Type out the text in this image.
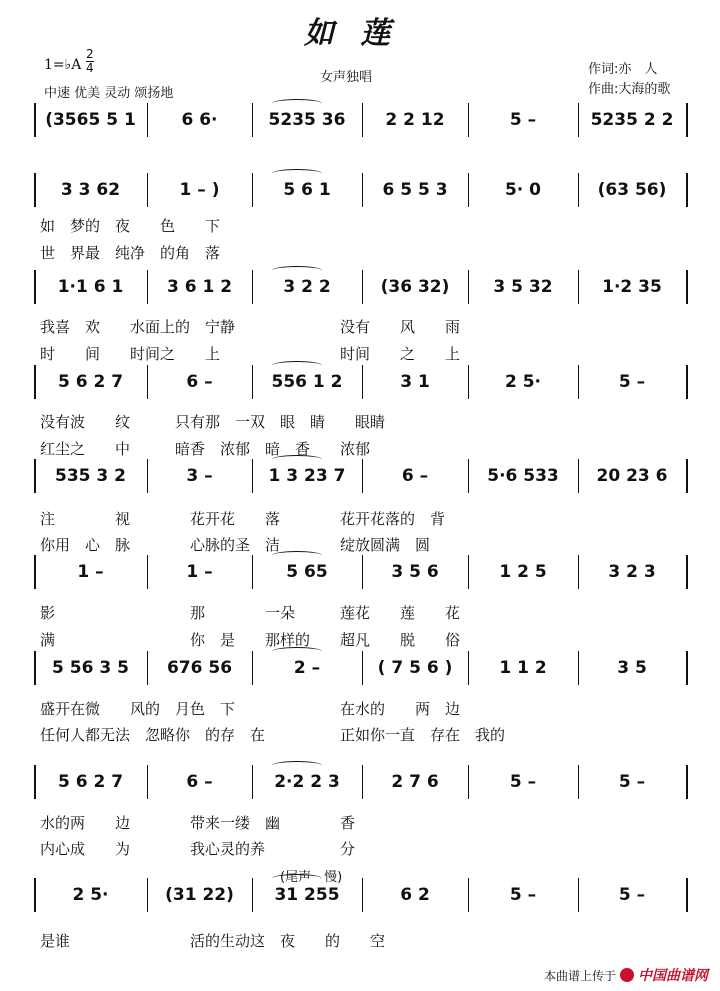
如莲
1=♭A
2
4
中速 优美 灵动 颂扬地
女声独唱
作词:亦　人
作曲:大海的歌
(3565 5 1	6 6·	5235 36	2 2 12	5 –	5235 2 2
3 3 62	1 – )	5 6 1	6 5 5 3	5· 0	(63 56)
1·1 6 1	3 6 1 2	3 2 2	(36 32)	3 5 32	1·2 35
5 6 2 7	6 –	556 1 2	3 1	2 5·	5 –
535 3 2	3 –	1 3 23 7	6 –	5·6 533	20 23 6
1 –	1 –	5 65	3 5 6	1 2 5	3 2 3
5 56 3 5	676 56	2 –	( 7 5 6 )	1 1 2	3 5
5 6 2 7	6 –	2·2 2 3	2 7 6	5 –	5 –
2 5·	(31 22)	31 255	6 2	5 –	5 –
如　梦的　夜　　色　　下
世　界最　纯净　的角　落
我喜　欢　　水面上的　宁静　　　　　　　没有　　风　　雨
时　　间　　时间之　　上　　　　　　　　时间　　之　　上
没有波　　纹　　　只有那　一双　眼　睛　　眼睛
红尘之　　中　　　暗香　浓郁　暗　香　　浓郁
注　　　　视　　　　花开花　　落　　　　花开花落的　背
你用　心　脉　　　　心脉的圣　洁　　　　绽放圆满　圆
影　　　　　　　　　那　　　　一朵　　　莲花　　莲　　花
满　　　　　　　　　你　是　　那样的　　超凡　　脱　　俗
盛开在微　　风的　月色　下　　　　　　　在水的　　两　边
任何人都无法　忽略你　的存　在　　　　　正如你一直　存在　我的
水的两　　边　　　　带来一缕　幽　　　　香
内心成　　为　　　　我心灵的养　　　　　分
是谁　　　　　　　　活的生动这　夜　　的　　空
(尾声　慢)
本曲谱上传于 中国曲谱网
